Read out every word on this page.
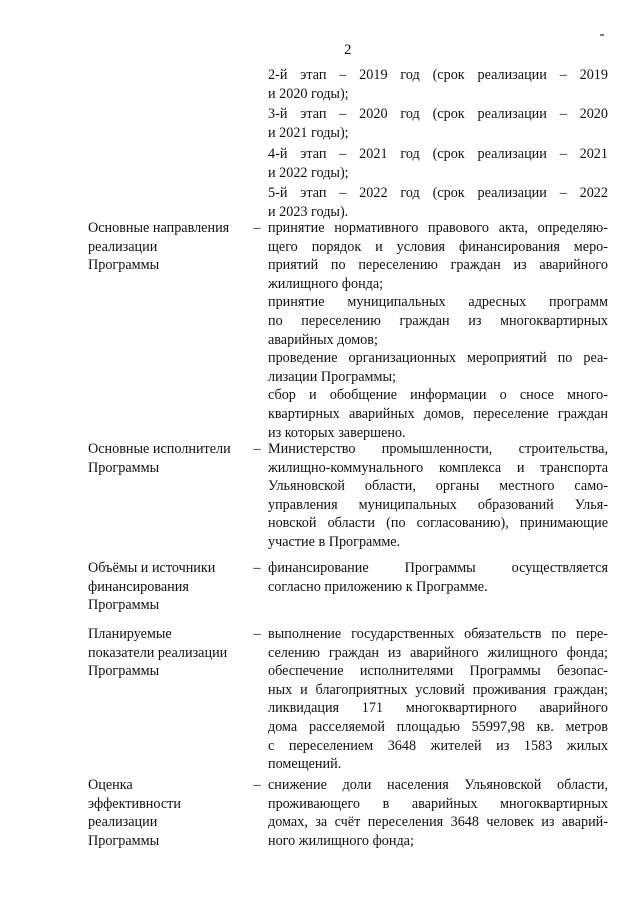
2
2-й этап – 2019 год (срок реализации – 2019
и 2020 годы);
3-й этап – 2020 год (срок реализации – 2020
и 2021 годы);
4-й этап – 2021 год (срок реализации – 2021
и 2022 годы);
5-й этап – 2022 год (срок реализации – 2022
и 2023 годы).
Основные направления
реализации
Программы
– принятие нормативного правового акта, определяю-
щего порядок и условия финансирования меро-
приятий по переселению граждан из аварийного
жилищного фонда;
принятие муниципальных адресных программ
по переселению граждан из многоквартирных
аварийных домов;
проведение организационных мероприятий по реа-
лизации Программы;
сбор и обобщение информации о сносе много-
квартирных аварийных домов, переселение граждан
из которых завершено.
Основные исполнители
Программы
– Министерство промышленности, строительства,
жилищно-коммунального комплекса и транспорта
Ульяновской области, органы местного само-
управления муниципальных образований Улья-
новской области (по согласованию), принимающие
участие в Программе.
Объёмы и источники
финансирования
Программы
– финансирование Программы осуществляется
согласно приложению к Программе.
Планируемые
показатели реализации
Программы
– выполнение государственных обязательств по пере-
селению граждан из аварийного жилищного фонда;
обеспечение исполнителями Программы безопас-
ных и благоприятных условий проживания граждан;
ликвидация 171 многоквартирного аварийного
дома расселяемой площадью 55997,98 кв. метров
с переселением 3648 жителей из 1583 жилых
помещений.
Оценка
эффективности
реализации
Программы
– снижение доли населения Ульяновской области,
проживающего в аварийных многоквартирных
домах, за счёт переселения 3648 человек из аварий-
ного жилищного фонда;
